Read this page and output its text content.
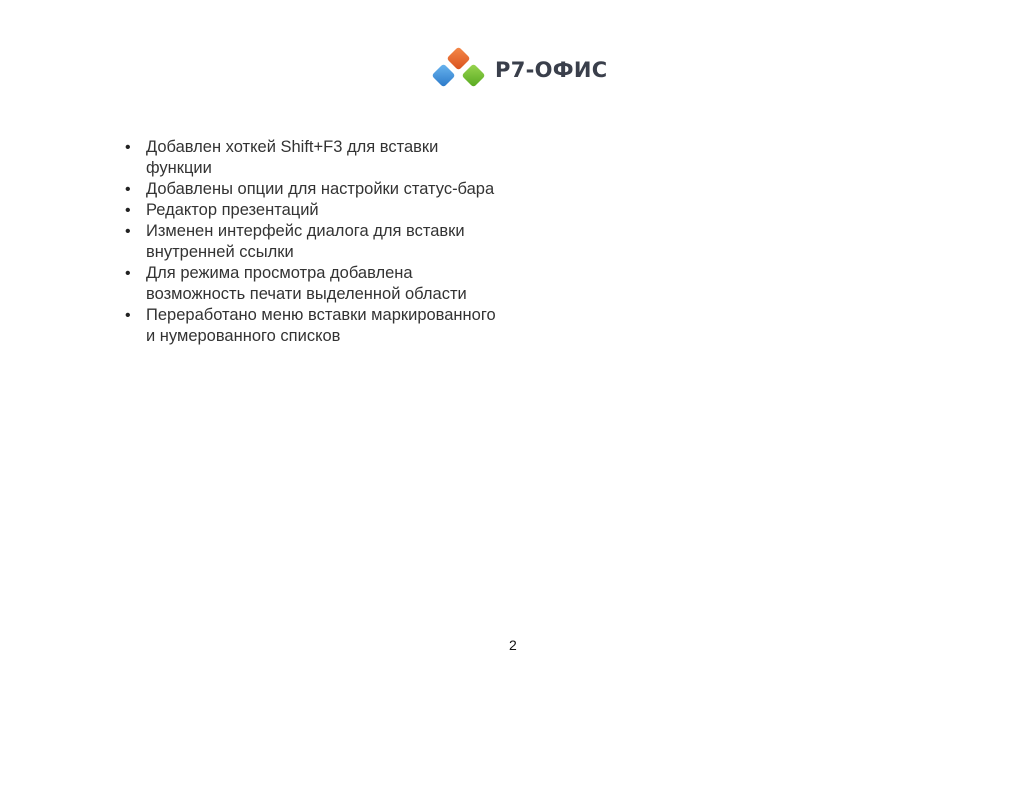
Р7-ОФИС
• Добавлен хоткей Shift+F3 для вставки функции
• Добавлены опции для настройки статус-бара
• Редактор презентаций
• Изменен интерфейс диалога для вставки внутренней ссылки
• Для режима просмотра добавлена возможность печати выделенной области
• Переработано меню вставки маркированного и нумерованного списков
2
